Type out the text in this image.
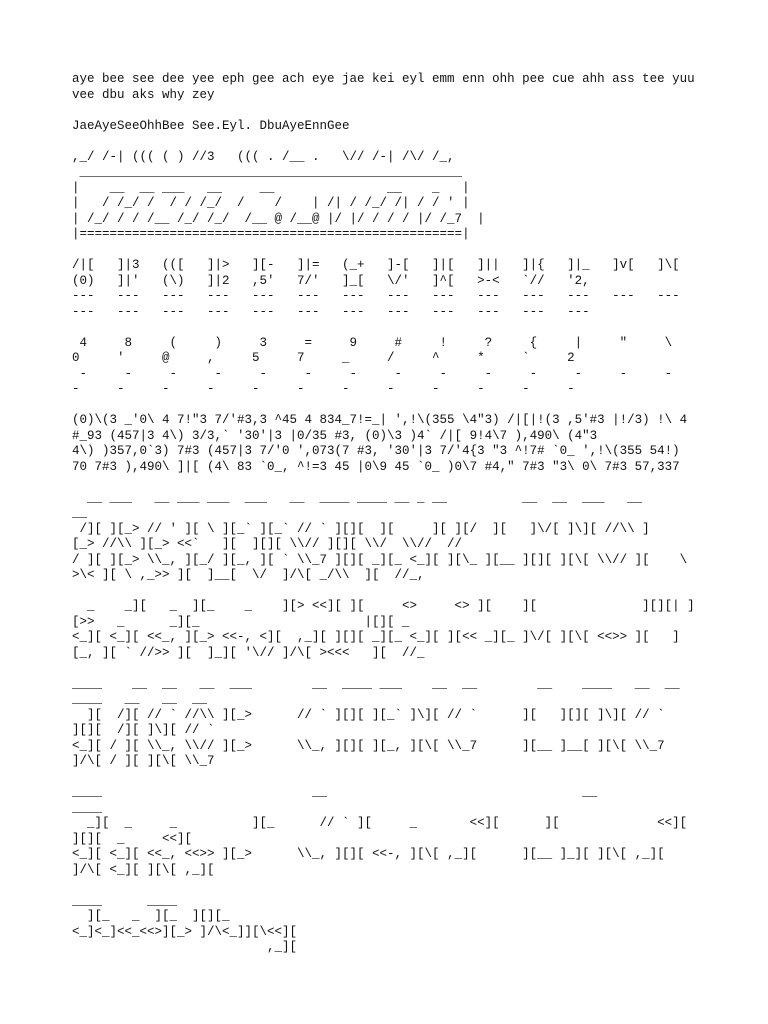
aye bee see dee yee eph gee ach eye jae kei eyl emm enn ohh pee cue ahh ass tee yuu
vee dbu aks why zey
JaeAyeSeeOhhBee See.Eyl. DbuAyeEnnGee
,_/ /-| ((( ( ) //3   ((( . /__ .   \// /-| /\/ /_,
___________________________________________________
|    __  __ ___   __     __               __    _   |
|   / /_/ /  / / /_/  /    /    | /| / /_/ /| / / ' |
| /_/ / / /__ /_/ /_/  /__ @ /__@ |/ |/ / / / |/ /_7  |
|===================================================|
/|[   ]|3   (([   ]|>   ][-   ]|=   (_+   ]-[   ]|[   ]||   ]|{   ]|_   ]v[   ]\[
(0)   ]|'   (\)   ]|2   ,5'   7/'   ]_[   \/'   ]^[   >-<   `//   '2,
---   ---   ---   ---   ---   ---   ---   ---   ---   ---   ---   ---   ---   ---
---   ---   ---   ---   ---   ---   ---   ---   ---   ---   ---   ---
4     8     (     )     3     =     9     #     !     ?     {     |     "     \
0     '     @     ,     5     7     _     /     ^     *     `     2
-     -     -     -     -     -     -     -     -     -     -     -     -     -
-     -     -     -     -     -     -     -     -     -     -     -
(0)\(3 _'0\ 4 7!"3 7/'#3,3 ^45 4 834_7!=_| ',!\(355 \4"3) /|[|!(3 ,5'#3 |!/3) !\ 4
#_93 (457|3 4\) 3/3,` '30'|3 |0/35 #3, (0)\3 )4` /|[ 9!4\7 ),490\ (4"3
4\) )357,0`3) 7#3 (457|3 7/'0 ',073(7 #3, '30'|3 7/'4{3 "3 ^!7# `0_ ',!\(355 54!)
70 7#3 ),490\ ]|[ (4\ 83 `0_, ^!=3 45 |0\9 45 `0_ )0\7 #4," 7#3 "3\ 0\ 7#3 57,337
__ ___   __ ___ ___  ___   __  ____ ____ __ _ __          __  __  ___   __
__
/][ ][_> // ' ][ \ ][_` ][_` // ` ][][  ][     ][ ][/  ][   ]\/[ ]\][ //\\ ]
[_> //\\ ][_> <<`   ][  ][][ \\// ][][ \\/  \\//  //
/ ][ ][_> \\_, ][_/ ][_, ][ ` \\_7 ][][ _][_ <_][ ][\_ ][__ ][][ ][\[ \\// ][    \
>\< ][ \ ,_>> ][  ]__[  \/  ]/\[ _/\\  ][  //_,
_    _][   _  ][_    _    ][> <<][ ][     <>     <> ][    ][              ][][| ]
[>>   _      _][_                      |[][ _
<_][ <_][ <<_, ][_> <<-, <][  ,_][ ][][ _][_ <_][ ][<< _][_ ]\/[ ][\[ <<>> ][   ]
[_, ][ ` //>> ][  ]_][ '\// ]/\[ ><<<   ][  //_
____    __  __   __  ___        __  ____ ___    __  __        __    ____   __  __
____   __   __  __
][  /][ // ` //\\ ][_>      // ` ][][ ][_` ]\][ // `      ][   ][][ ]\][ // `
][][  /][ ]\][ // `
<_][ / ][ \\_, \\// ][_>      \\_, ][][ ][_, ][\[ \\_7      ][__ ]__[ ][\[ \\_7
]/\[ / ][ ][\[ \\_7
____                            __                                  __
____
_][  _     _          ][_      // ` ][     _       <<][      ][             <<][
][][  _     <<][
<_][ <_][ <<_, <<>> ][_>      \\_, ][][ <<-, ][\[ ,_][      ][__ ]_][ ][\[ ,_][
]/\[ <_][ ][\[ ,_][
____      ____
][_   _  ][_  ][][_
<_]<_]<<_<<>][_> ]/\<_]][\<<][
,_][
